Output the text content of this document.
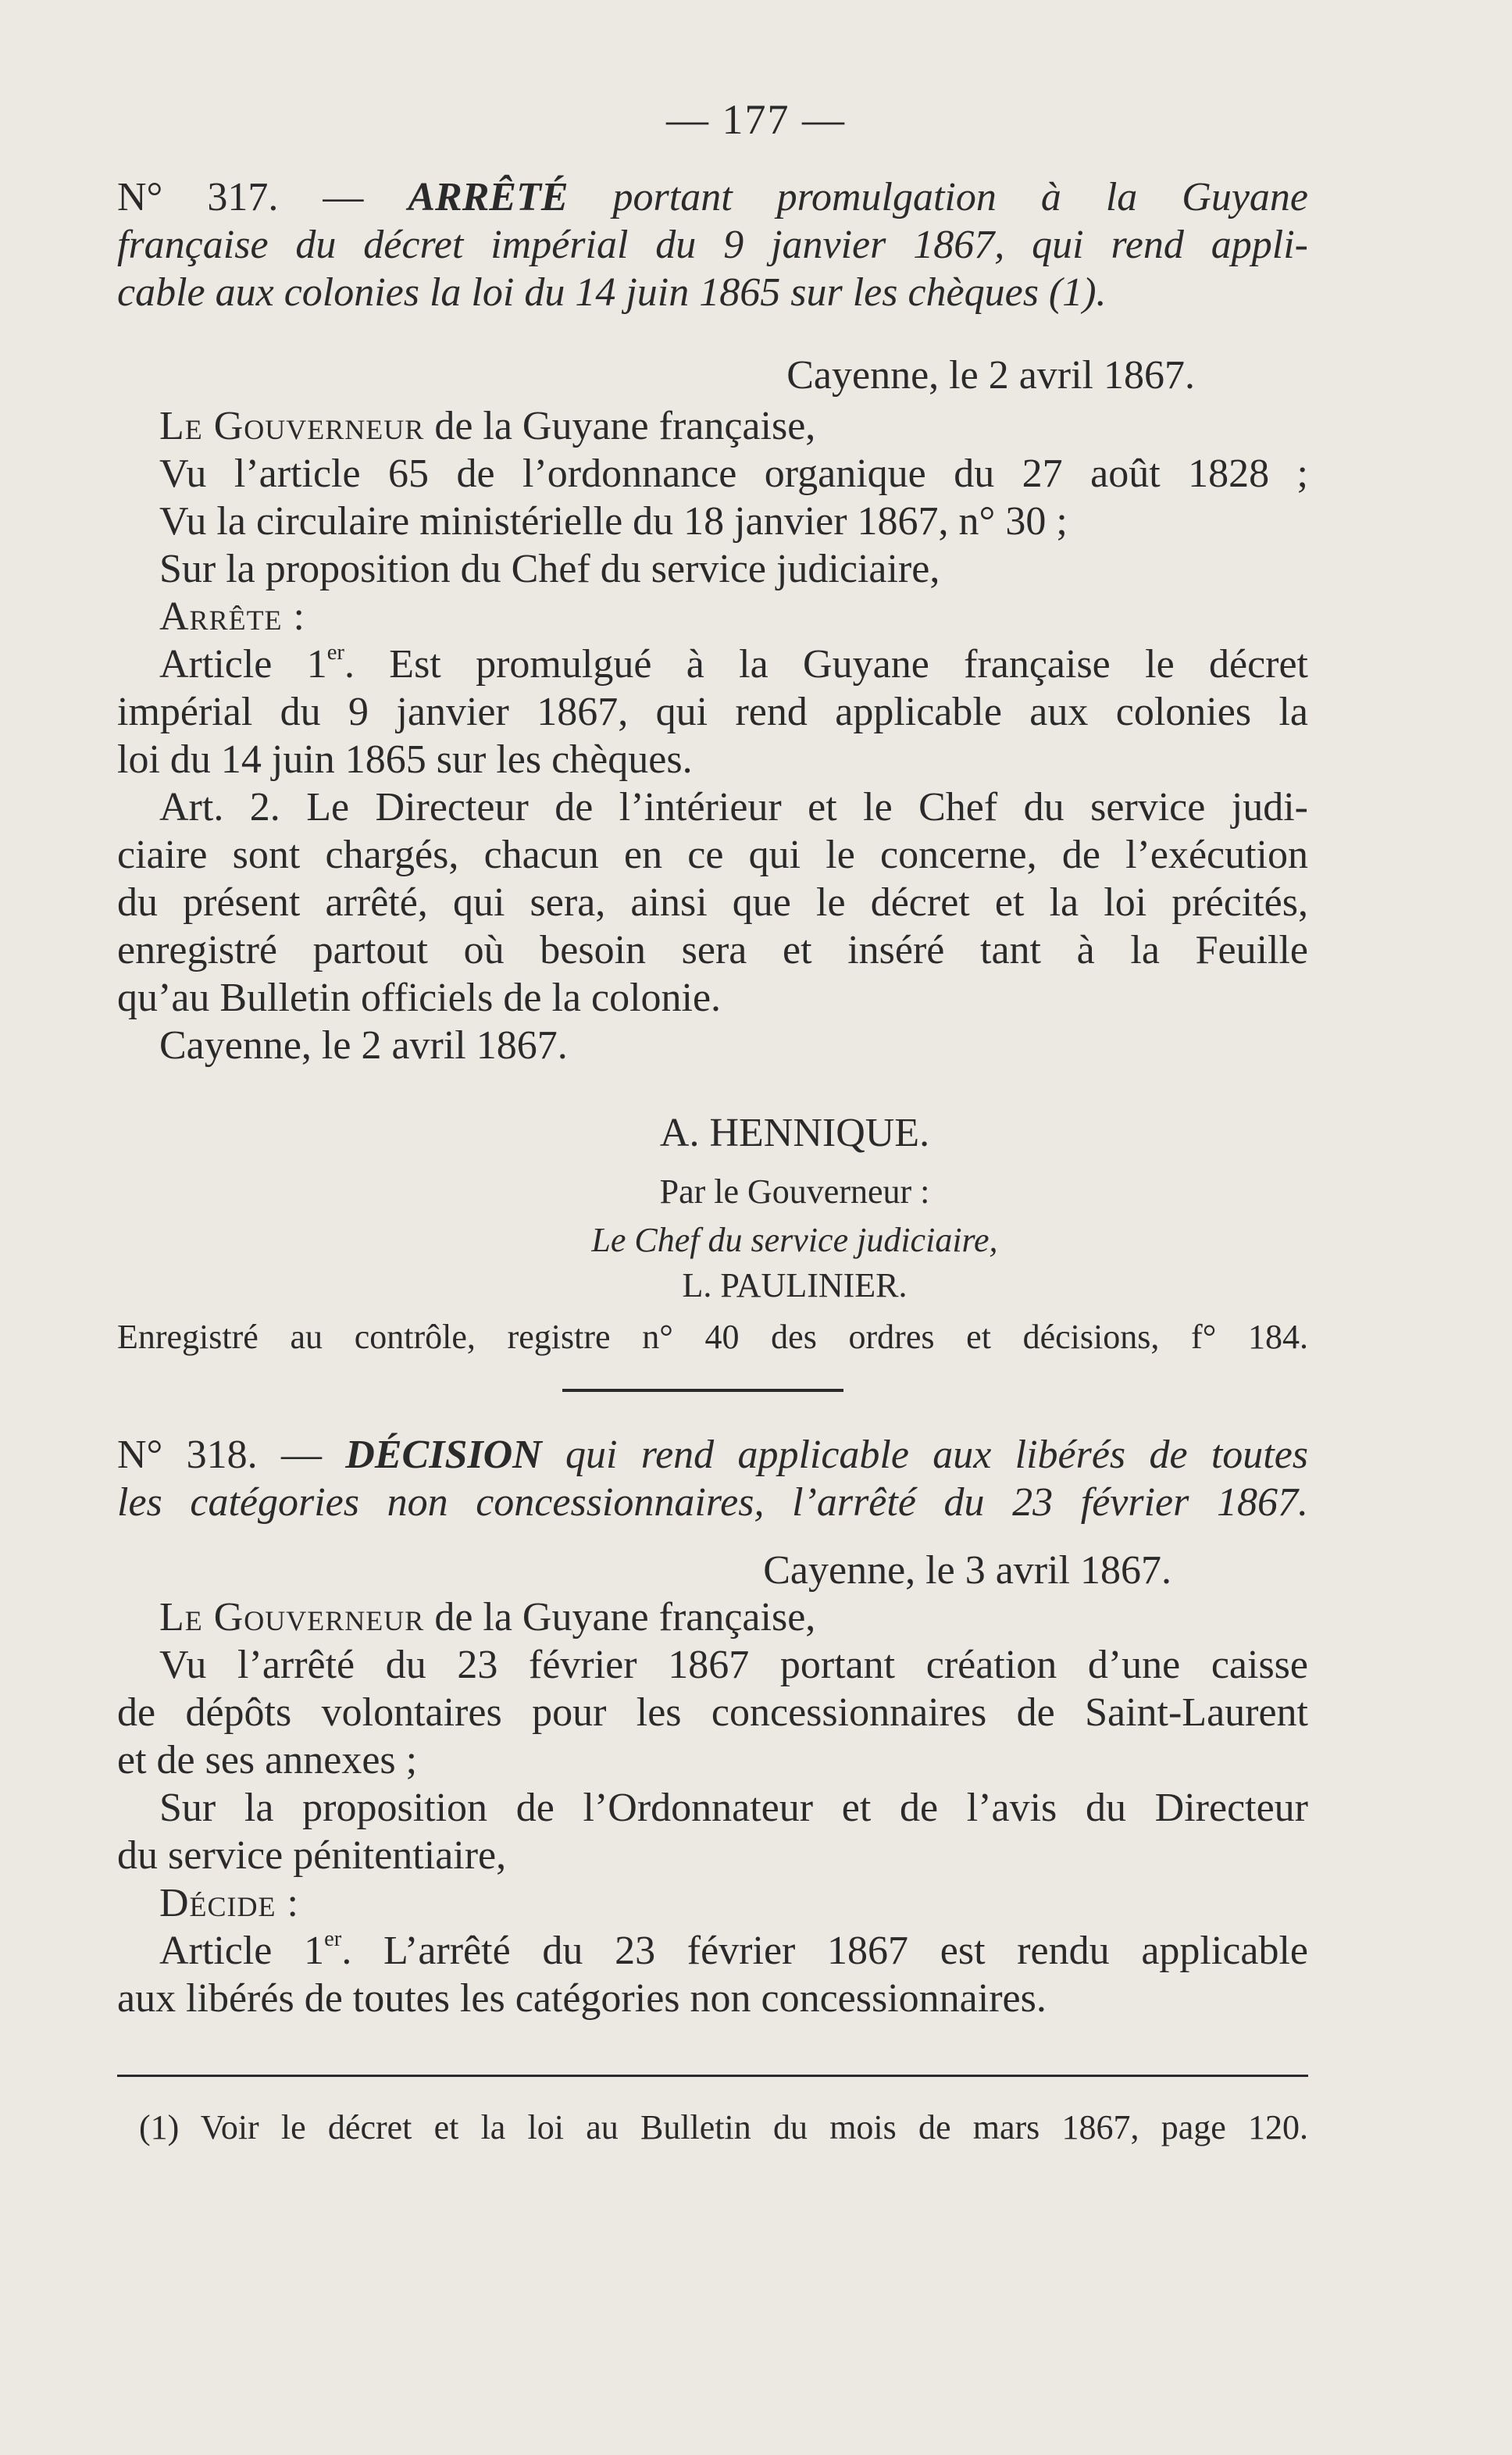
— 177 —

N° 317. — ARRÊTÉ portant promulgation à la Guyane

française du décret impérial du 9 janvier 1867, qui rend appli-

cable aux colonies la loi du 14 juin 1865 sur les chèques (1).

Cayenne, le 2 avril 1867.

Le Gouverneur de la Guyane française,

Vu l’article 65 de l’ordonnance organique du 27 août 1828 ;

Vu la circulaire ministérielle du 18 janvier 1867, n° 30 ;

Sur la proposition du Chef du service judiciaire,

Arrête :

Article 1er. Est promulgué à la Guyane française le décret

impérial du 9 janvier 1867, qui rend applicable aux colonies la

loi du 14 juin 1865 sur les chèques.

Art. 2. Le Directeur de l’intérieur et le Chef du service judi-

ciaire sont chargés, chacun en ce qui le concerne, de l’exécution

du présent arrêté, qui sera, ainsi que le décret et la loi précités,

enregistré partout où besoin sera et inséré tant à la Feuille

qu’au Bulletin officiels de la colonie.

Cayenne, le 2 avril 1867.

A. HENNIQUE.

Par le Gouverneur :

Le Chef du service judiciaire,

L. PAULINIER.

Enregistré au contrôle, registre n° 40 des ordres et décisions, f° 184.

N° 318. — DÉCISION qui rend applicable aux libérés de toutes

les catégories non concessionnaires, l’arrêté du 23 février 1867.

Cayenne, le 3 avril 1867.

Le Gouverneur de la Guyane française,

Vu l’arrêté du 23 février 1867 portant création d’une caisse

de dépôts volontaires pour les concessionnaires de Saint-Laurent

et de ses annexes ;

Sur la proposition de l’Ordonnateur et de l’avis du Directeur

du service pénitentiaire,

Décide :

Article 1er. L’arrêté du 23 février 1867 est rendu applicable

aux libérés de toutes les catégories non concessionnaires.

(1) Voir le décret et la loi au Bulletin du mois de mars 1867, page 120.
